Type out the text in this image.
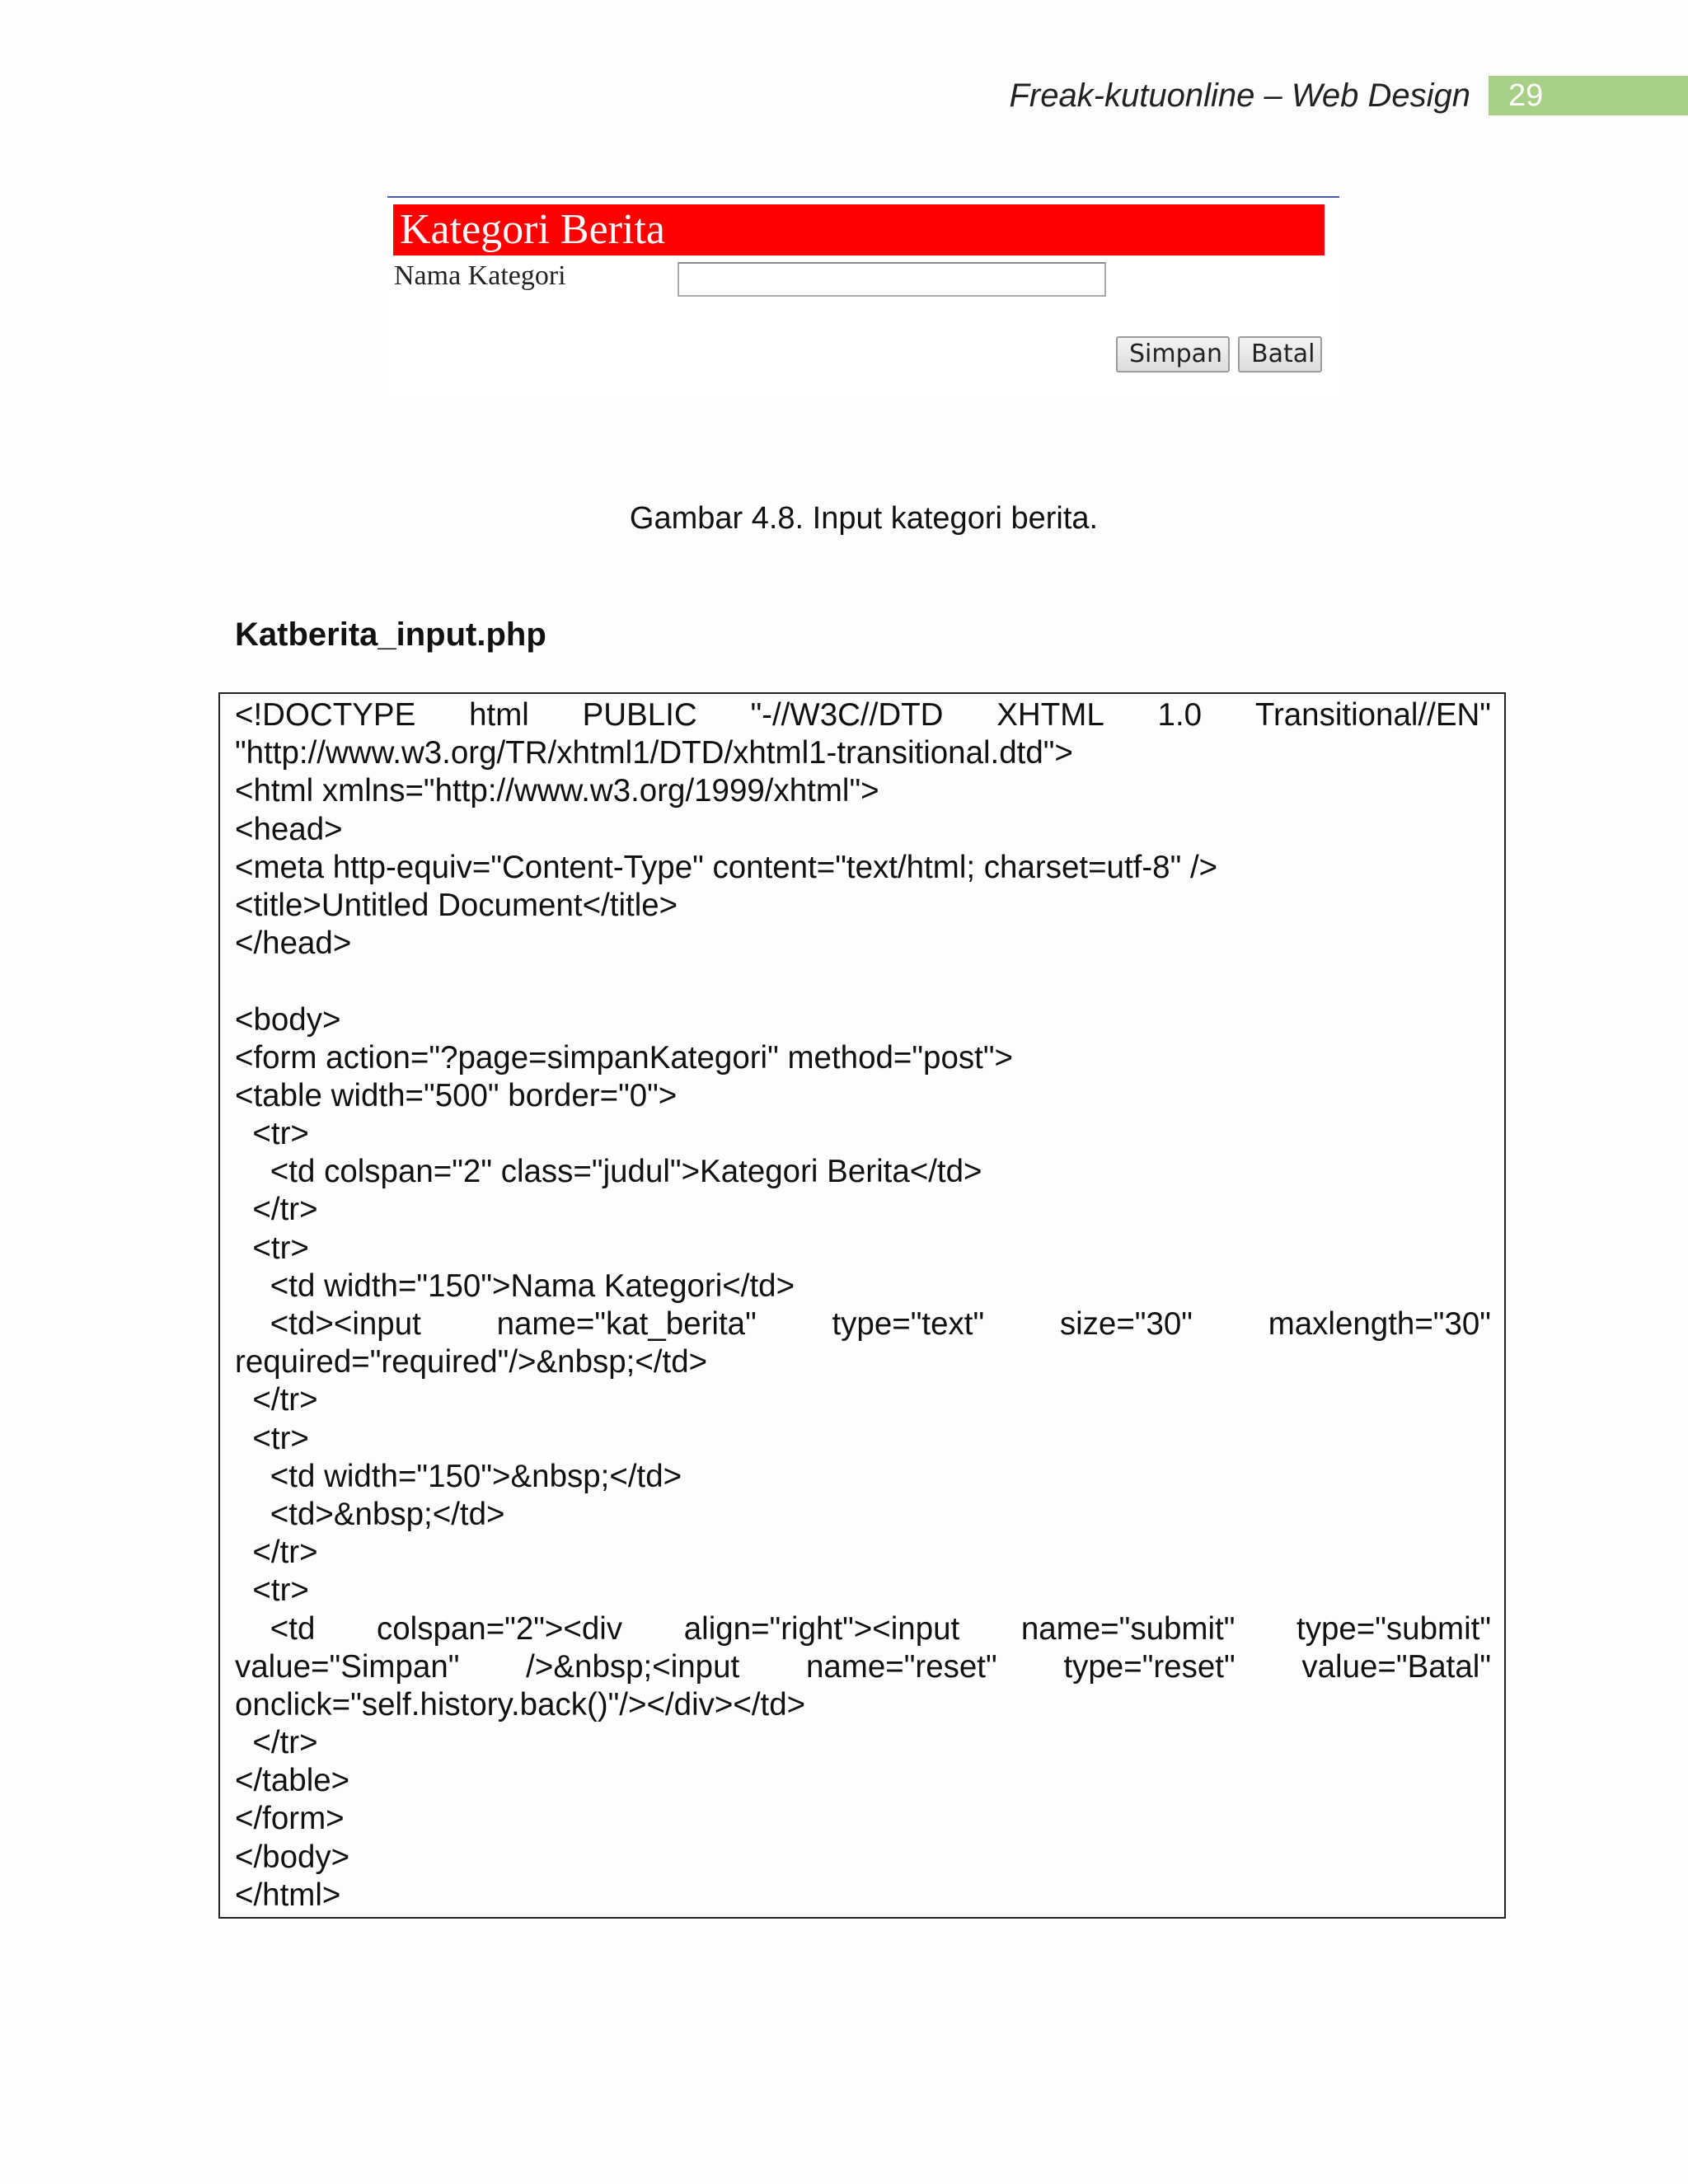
Freak-kutuonline – Web Design	29
Kategori Berita
Nama Kategori
Simpan	Batal
Gambar 4.8. Input kategori berita.
Katberita_input.php
<!DOCTYPE html PUBLIC "-//W3C//DTD XHTML 1.0 Transitional//EN"
"http://www.w3.org/TR/xhtml1/DTD/xhtml1-transitional.dtd">
<html xmlns="http://www.w3.org/1999/xhtml">
<head>
<meta http-equiv="Content-Type" content="text/html; charset=utf-8" />
<title>Untitled Document</title>
</head>
<body>
<form action="?page=simpanKategori" method="post">
<table width="500" border="0">
<tr>
<td colspan="2" class="judul">Kategori Berita</td>
</tr>
<tr>
<td width="150">Nama Kategori</td>
<td><input name="kat_berita" type="text" size="30" maxlength="30"
required="required"/>&nbsp;</td>
</tr>
<tr>
<td width="150">&nbsp;</td>
<td>&nbsp;</td>
</tr>
<tr>
<td colspan="2"><div align="right"><input name="submit" type="submit"
value="Simpan" />&nbsp;<input name="reset" type="reset" value="Batal"
onclick="self.history.back()"/></div></td>
</tr>
</table>
</form>
</body>
</html>
